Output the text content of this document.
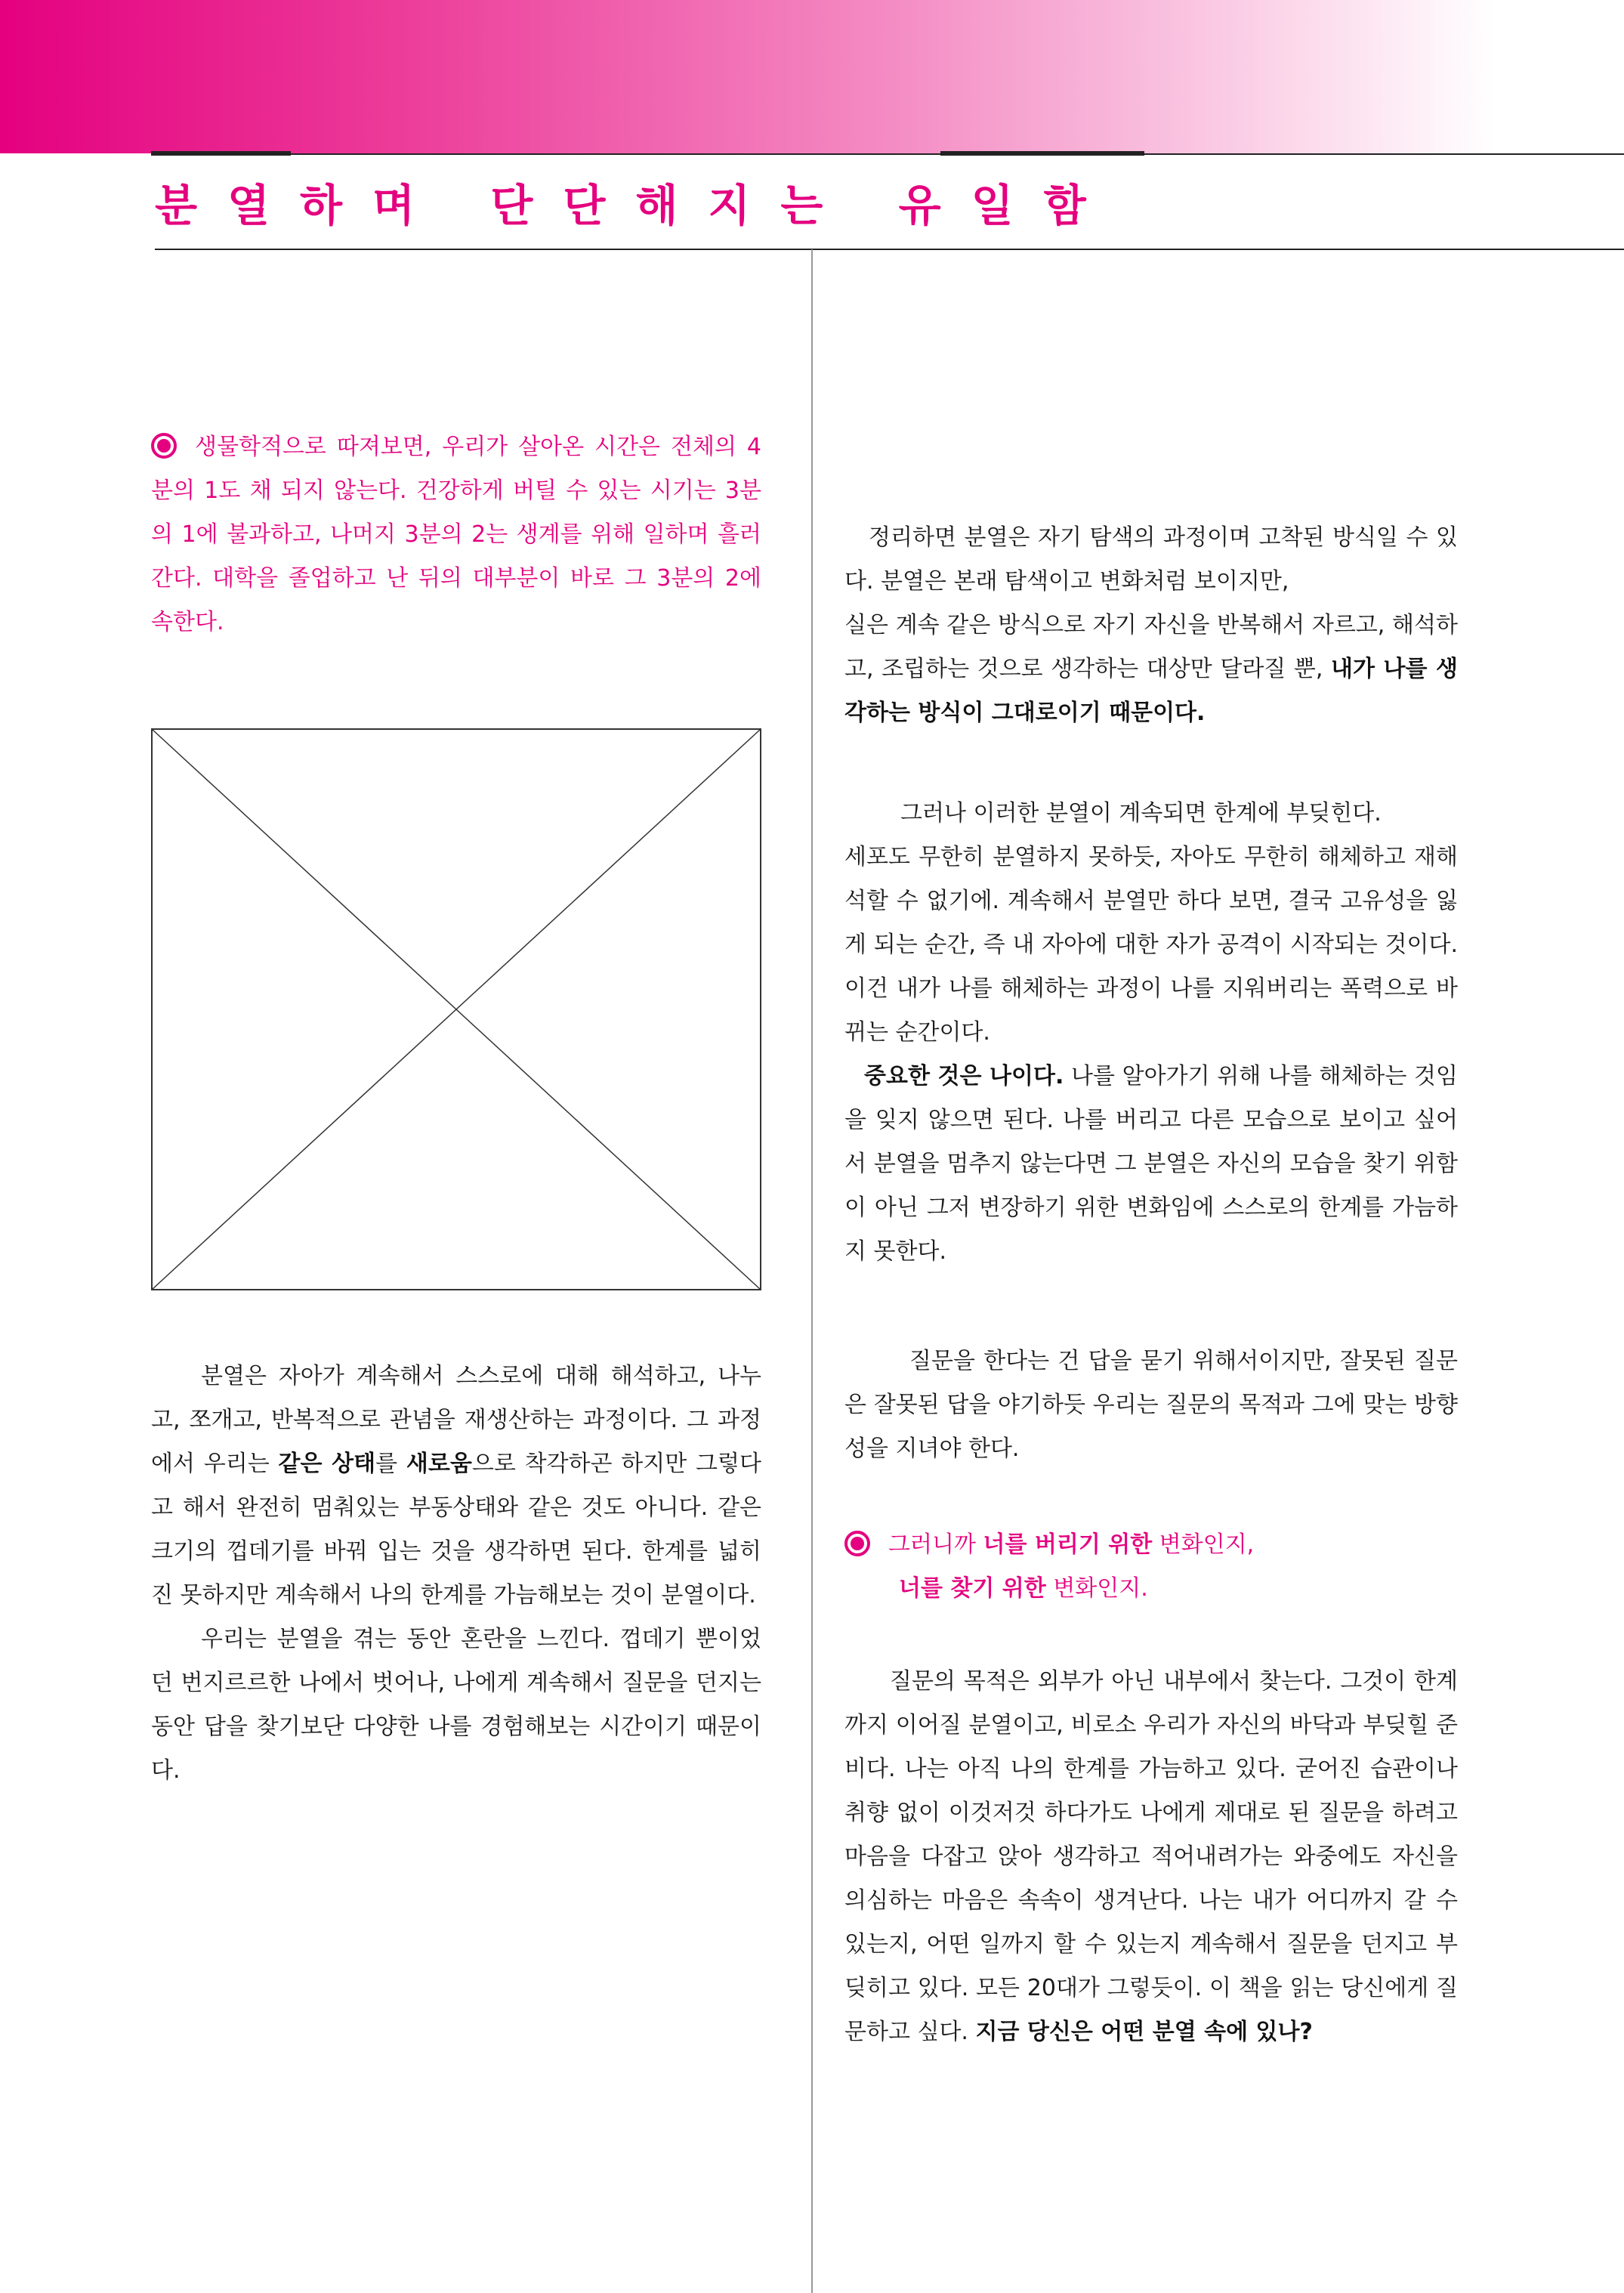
분열하며 단단해지는 유일함
생물학적으로 따져보면, 우리가 살아온 시간은 전체의 4분의 1도 채 되지 않는다. 건강하게 버틸 수 있는 시기는 3분의 1에 불과하고, 나머지 3분의 2는 생계를 위해 일하며 흘러간다. 대학을 졸업하고 난 뒤의 대부분이 바로 그 3분의 2에 속한다.

분열은 자아가 계속해서 스스로에 대해 해석하고, 나누고, 쪼개고, 반복적으로 관념을 재생산하는 과정이다. 그 과정에서 우리는 같은 상태를 새로움으로 착각하곤 하지만 그렇다고 해서 완전히 멈춰있는 부동상태와 같은 것도 아니다. 같은 크기의 껍데기를 바꿔 입는 것을 생각하면 된다. 한계를 넓히진 못하지만 계속해서 나의 한계를 가늠해보는 것이 분열이다.

우리는 분열을 겪는 동안 혼란을 느낀다. 껍데기 뿐이었던 번지르르한 나에서 벗어나, 나에게 계속해서 질문을 던지는 동안 답을 찾기보단 다양한 나를 경험해보는 시간이기 때문이다.

정리하면 분열은 자기 탐색의 과정이며 고착된 방식일 수 있다. 분열은 본래 탐색이고 변화처럼 보이지만,

실은 계속 같은 방식으로 자기 자신을 반복해서 자르고, 해석하고, 조립하는 것으로 생각하는 대상만 달라질 뿐, 내가 나를 생각하는 방식이 그대로이기 때문이다.

그러나 이러한 분열이 계속되면 한계에 부딪힌다.

세포도 무한히 분열하지 못하듯, 자아도 무한히 해체하고 재해석할 수 없기에. 계속해서 분열만 하다 보면, 결국 고유성을 잃게 되는 순간, 즉 내 자아에 대한 자가 공격이 시작되는 것이다. 이건 내가 나를 해체하는 과정이 나를 지워버리는 폭력으로 바뀌는 순간이다.

중요한 것은 나이다. 나를 알아가기 위해 나를 해체하는 것임을 잊지 않으면 된다. 나를 버리고 다른 모습으로 보이고 싶어서 분열을 멈추지 않는다면 그 분열은 자신의 모습을 찾기 위함이 아닌 그저 변장하기 위한 변화임에 스스로의 한계를 가늠하지 못한다.

질문을 한다는 건 답을 묻기 위해서이지만, 잘못된 질문은 잘못된 답을 야기하듯 우리는 질문의 목적과 그에 맞는 방향성을 지녀야 한다.

그러니까 너를 버리기 위한 변화인지,

너를 찾기 위한 변화인지.

질문의 목적은 외부가 아닌 내부에서 찾는다. 그것이 한계까지 이어질 분열이고, 비로소 우리가 자신의 바닥과 부딪힐 준비다. 나는 아직 나의 한계를 가늠하고 있다. 굳어진 습관이나 취향 없이 이것저것 하다가도 나에게 제대로 된 질문을 하려고 마음을 다잡고 앉아 생각하고 적어내려가는 와중에도 자신을 의심하는 마음은 속속이 생겨난다. 나는 내가 어디까지 갈 수 있는지, 어떤 일까지 할 수 있는지 계속해서 질문을 던지고 부딪히고 있다. 모든 20대가 그렇듯이. 이 책을 읽는 당신에게 질문하고 싶다. 지금 당신은 어떤 분열 속에 있나?
